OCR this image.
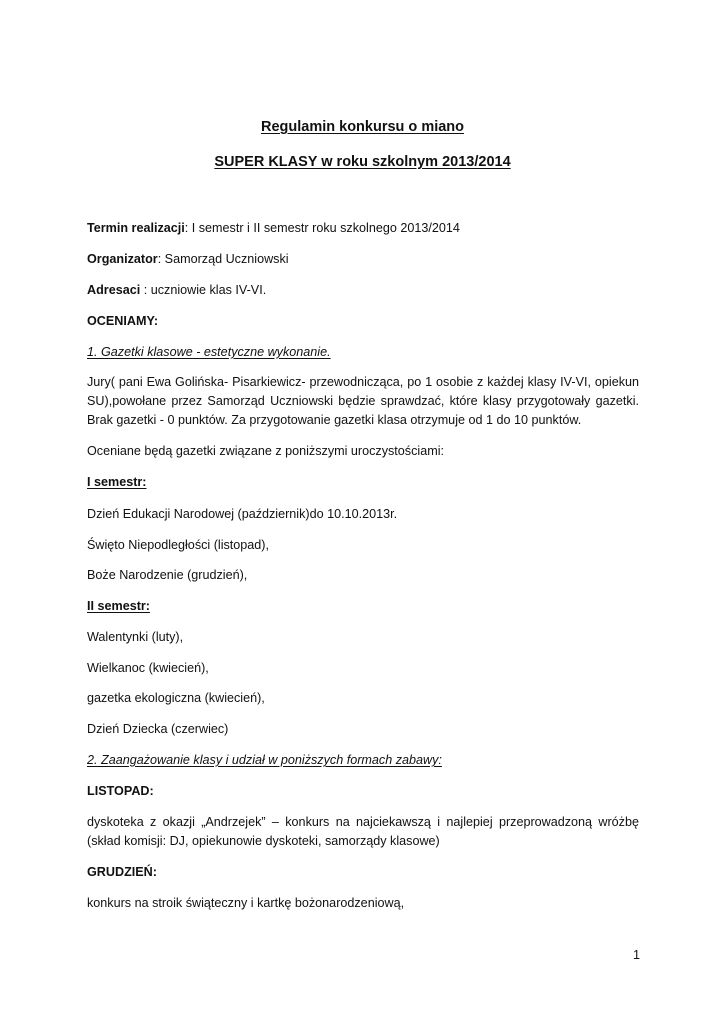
Regulamin konkursu o miano
SUPER KLASY w roku szkolnym 2013/2014
Termin realizacji: I semestr i II semestr roku szkolnego 2013/2014
Organizator: Samorząd Uczniowski
Adresaci : uczniowie klas IV-VI.
OCENIAMY:
1. Gazetki klasowe - estetyczne wykonanie.
Jury( pani Ewa Golińska- Pisarkiewicz- przewodnicząca, po 1 osobie z każdej klasy IV-VI, opiekun SU),powołane przez Samorząd Uczniowski będzie sprawdzać, które klasy przygotowały gazetki. Brak gazetki - 0 punktów. Za przygotowanie gazetki klasa otrzymuje od 1 do 10 punktów.
Oceniane będą gazetki związane z poniższymi uroczystościami:
I semestr:
Dzień Edukacji Narodowej (październik)do 10.10.2013r.
Święto Niepodległości (listopad),
Boże Narodzenie (grudzień),
II semestr:
Walentynki (luty),
Wielkanoc (kwiecień),
gazetka ekologiczna (kwiecień),
Dzień Dziecka (czerwiec)
2. Zaangażowanie klasy i udział w poniższych formach zabawy:
LISTOPAD:
dyskoteka z okazji „Andrzejek” – konkurs na najciekawszą i najlepiej przeprowadzoną wróżbę (skład komisji: DJ, opiekunowie dyskoteki, samorządy klasowe)
GRUDZIEŃ:
konkurs na stroik świąteczny i kartkę bożonarodzeniową,
1
